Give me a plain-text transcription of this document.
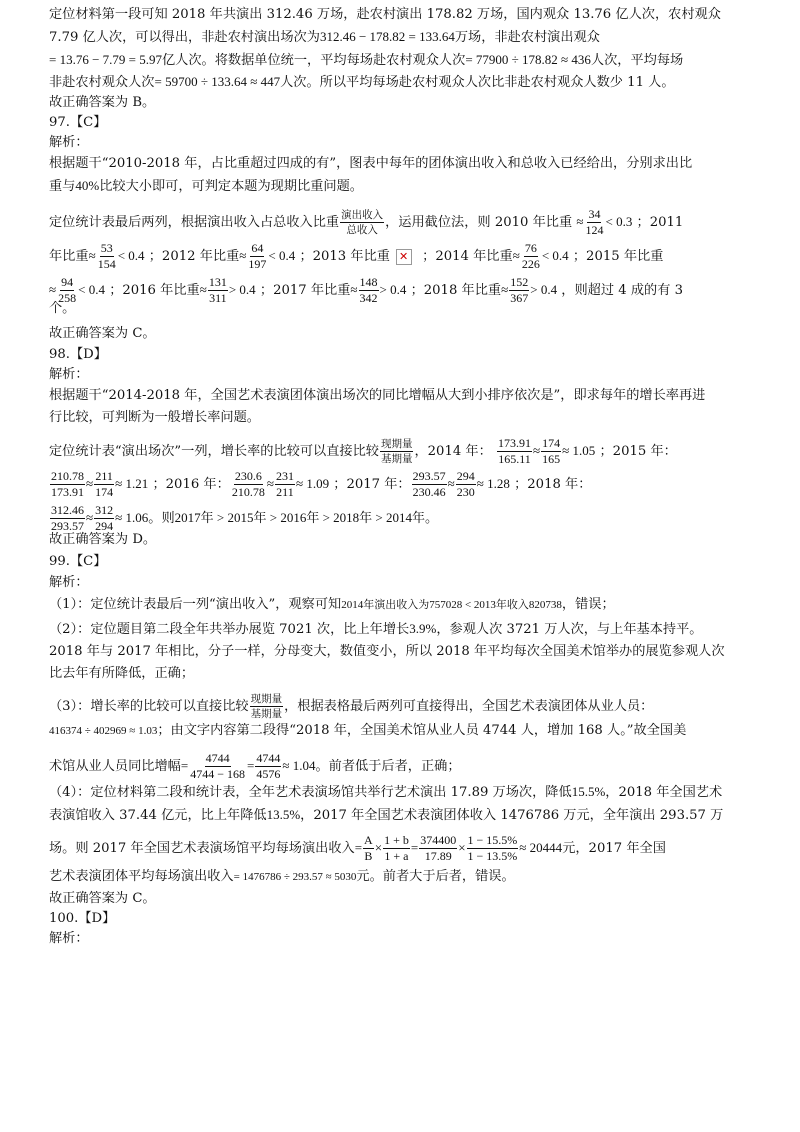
定位材料第一段可知 2018 年共演出 312.46 万场，赴农村演出 178.82 万场，国内观众 13.76 亿人次，农村观众
7.79 亿人次，可以得出，非赴农村演出场次为312.46 − 178.82 = 133.64万场，非赴农村演出观众
= 13.76 − 7.79 = 5.97亿人次。将数据单位统一，平均每场赴农村观众人次= 77900 ÷ 178.82 ≈ 436人次，平均每场
非赴农村观众人次= 59700 ÷ 133.64 ≈ 447人次。所以平均每场赴农村观众人次比非赴农村观众人数少 11 人。
故正确答案为 B。
97.【C】
解析：
根据题干“2010-2018 年，占比重超过四成的有”，图表中每年的团体演出收入和总收入已经给出，分别求出比
重与40%比较大小即可，可判定本题为现期比重问题。
定位统计表最后两列，根据演出收入占总收入比重 $\frac{\text{演出收入}}{\text{总收入}}$ ，运用截位法，则 2010 年比重 ≈ $\frac{34}{124} < 0.3$ ；2011
年比重≈ $\frac{53}{154} < 0.4$ ；2012 年比重≈ $\frac{64}{197} < 0.4$ ；2013 年比重✕ ；2014 年比重≈ $\frac{76}{226} < 0.4$ ；2015 年比重
≈ $\frac{94}{258} < 0.4$ ；2016 年比重≈ $\frac{131}{311} > 0.4$ ；2017 年比重≈ $\frac{148}{342} > 0.4$ ；2018 年比重≈ $\frac{152}{367} > 0.4$ ，则超过 4 成的有 3
个。
故正确答案为 C。
98.【D】
解析：
根据题干“2014-2018 年，全国艺术表演团体演出场次的同比增幅从大到小排序依次是”，即求每年的增长率再进
行比较，可判断为一般增长率问题。
定位统计表“演出场次”一列，增长率的比较可以直接比较 $\frac{\text{现期量}}{\text{基期量}}$ ，2014 年： $\frac{173.91}{165.11} \approx \frac{174}{165} \approx 1.05$ ；2015 年：
$\frac{210.78}{173.91} \approx \frac{211}{174} \approx 1.21$ ；2016 年： $\frac{230.6}{210.78} \approx \frac{231}{211} \approx 1.09$ ；2017 年： $\frac{293.57}{230.46} \approx \frac{294}{230} \approx 1.28$ ；2018 年：
$\frac{312.46}{293.57} \approx \frac{312}{294} \approx 1.06$。则2017年 > 2015年 > 2016年 > 2018年 > 2014年。
故正确答案为 D。
99.【C】
解析：
（1）：定位统计表最后一列“演出收入”，观察可知2014年演出收入为757028 < 2013年收入820738，错误；
（2）：定位题目第二段全年共举办展览 7021 次，比上年增长3.9%，参观人次 3721 万人次，与上年基本持平。
2018 年与 2017 年相比，分子一样，分母变大，数值变小，所以 2018 年平均每次全国美术馆举办的展览参观人次
比去年有所降低，正确；
（3）：增长率的比较可以直接比较 $\frac{\text{现期量}}{\text{基期量}}$ ，根据表格最后两列可直接得出，全国艺术表演团体从业人员：
416374 ÷ 402969 ≈ 1.03；由文字内容第二段得“2018 年，全国美术馆从业人员 4744 人，增加 168 人。”故全国美
术馆从业人员同比增幅= $\frac{4744}{4744 - 168} = \frac{4744}{4576} \approx 1.04$。前者低于后者，正确；
（4）：定位材料第二段和统计表，全年艺术表演场馆共举行艺术演出 17.89 万场次，降低15.5%，2018 年全国艺术
表演馆收入 37.44 亿元，比上年降低13.5%，2017 年全国艺术表演团体收入 1476786 万元，全年演出 293.57 万
场。则 2017 年全国艺术表演场馆平均每场演出收入= $\frac{A}{B} \times \frac{1 + b}{1 + a} = \frac{374400}{17.89} \times \frac{1 - 15.5\%}{1 - 13.5\%} \approx 20444$元，2017 年全国
艺术表演团体平均每场演出收入= 1476786 ÷ 293.57 ≈ 5030元。前者大于后者，错误。
故正确答案为 C。
100.【D】
解析：
